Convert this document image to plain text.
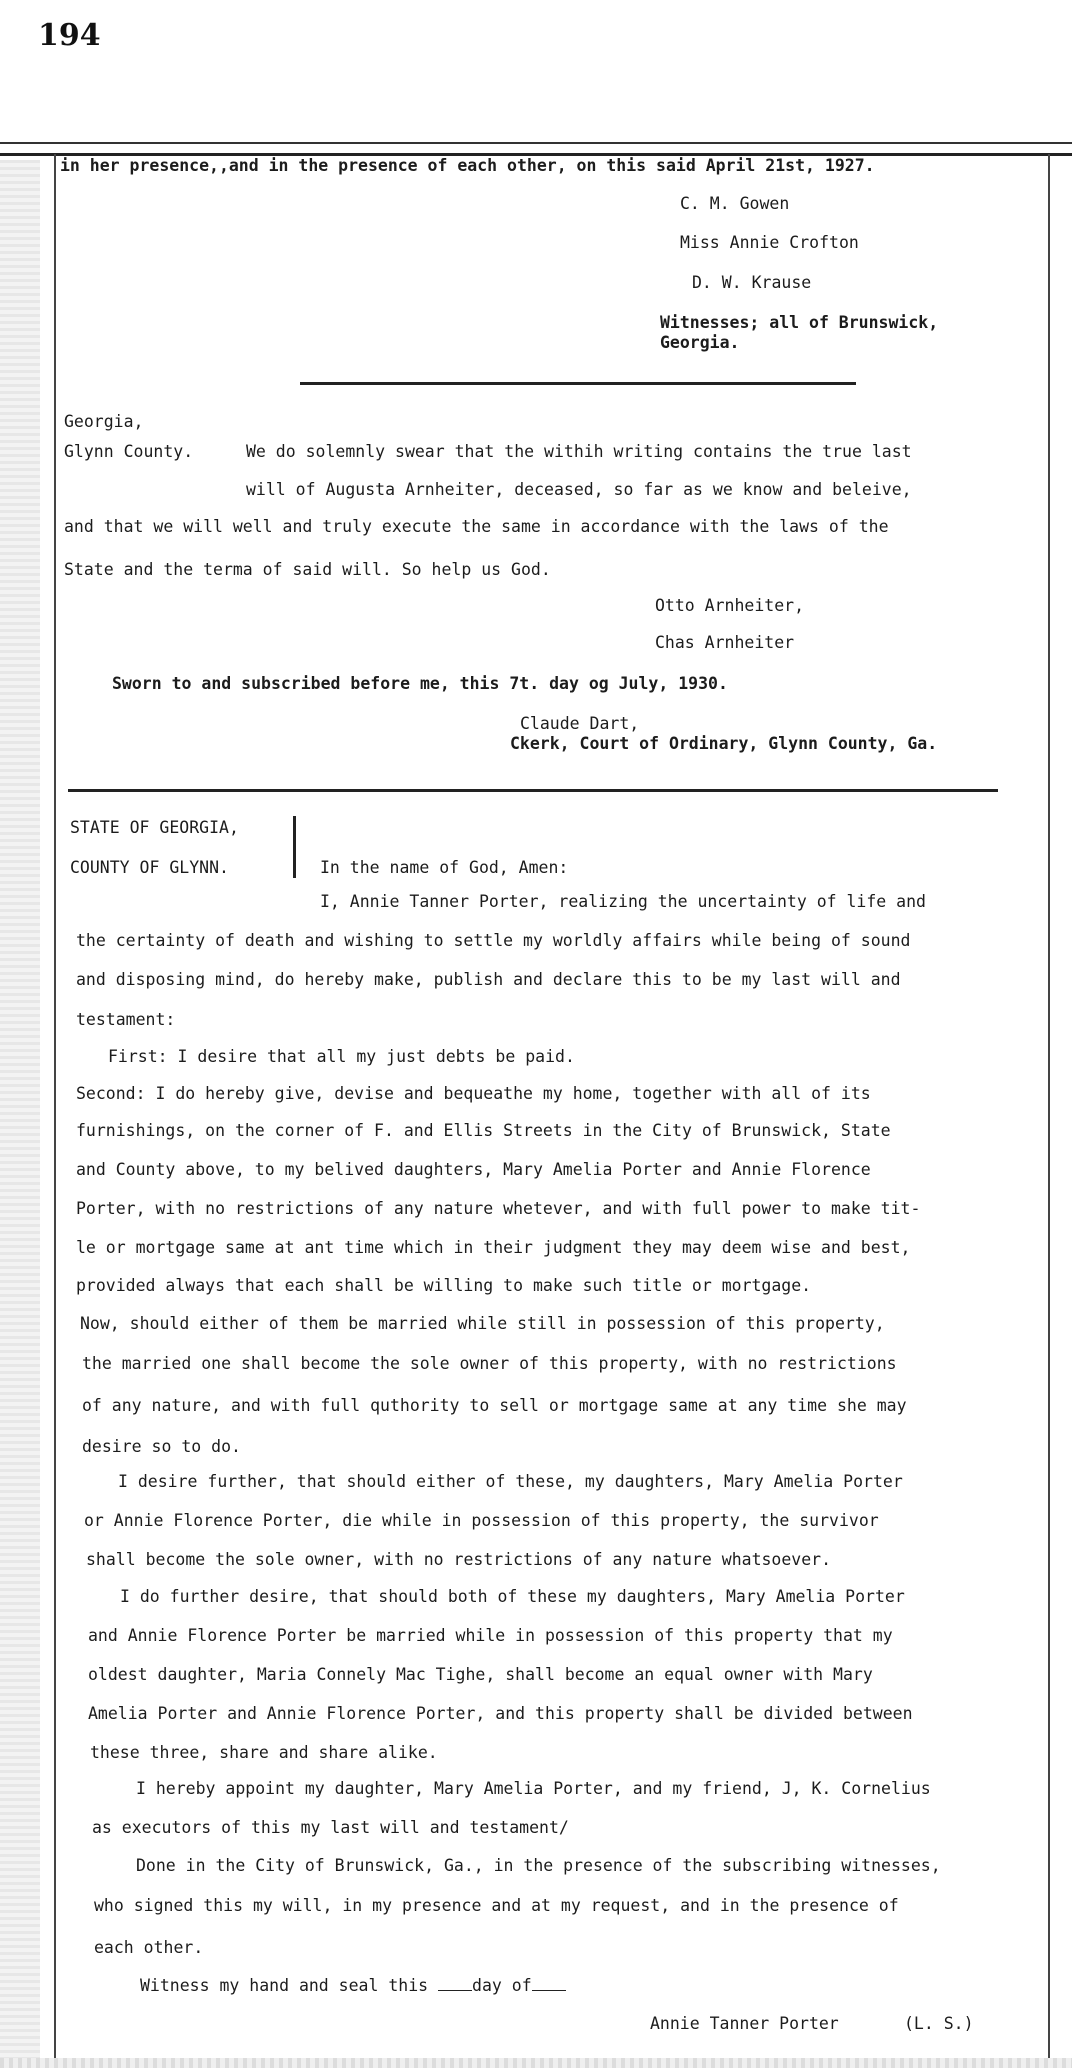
194
in her presence,,and in the presence of each other, on this said April 21st, 1927.
C. M. Gowen
Miss Annie Crofton
D. W. Krause
Witnesses; all of Brunswick,
Georgia.
Georgia,
Glynn County.	We do solemnly swear that the withih writing contains the true last
will of Augusta Arnheiter, deceased, so far as we know and beleive,
and that we will well and truly execute the same in accordance with the laws of the
State and the terma of said will. So help us God.
Otto Arnheiter,
Chas Arnheiter
Sworn to and subscribed before me, this 7t. day og July, 1930.
Claude Dart,
Ckerk, Court of Ordinary, Glynn County, Ga.
STATE OF GEORGIA,
COUNTY OF GLYNN.	In the name of God, Amen:
I, Annie Tanner Porter, realizing the uncertainty of life and
the certainty of death and wishing to settle my worldly affairs while being of sound
and disposing mind, do hereby make, publish and declare this to be my last will and
testament:
First: I desire that all my just debts be paid.
Second: I do hereby give, devise and bequeathe my home, together with all of its
furnishings, on the corner of F. and Ellis Streets in the City of Brunswick, State
and County above, to my belived daughters, Mary Amelia Porter and Annie Florence
Porter, with no restrictions of any nature whetever, and with full power to make tit-
le or mortgage same at ant time which in their judgment they may deem wise and best,
provided always that each shall be willing to make such title or mortgage.
Now, should either of them be married while still in possession of this property,
the married one shall become the sole owner of this property, with no restrictions
of any nature, and with full quthority to sell or mortgage same at any time she may
desire so to do.
I desire further, that should either of these, my daughters, Mary Amelia Porter
or Annie Florence Porter, die while in possession of this property, the survivor
shall become the sole owner, with no restrictions of any nature whatsoever.
I do further desire, that should both of these my daughters, Mary Amelia Porter
and Annie Florence Porter be married while in possession of this property that my
oldest daughter, Maria Connely Mac Tighe, shall become an equal owner with Mary
Amelia Porter and Annie Florence Porter, and this property shall be divided between
these three, share and share alike.
I hereby appoint my daughter, Mary Amelia Porter, and my friend, J, K. Cornelius
as executors of this my last will and testament/
Done in the City of Brunswick, Ga., in the presence of the subscribing witnesses,
who signed this my will, in my presence and at my request, and in the presence of
each other.
Witness my hand and seal this	day of
Annie Tanner Porter	(L. S.)
